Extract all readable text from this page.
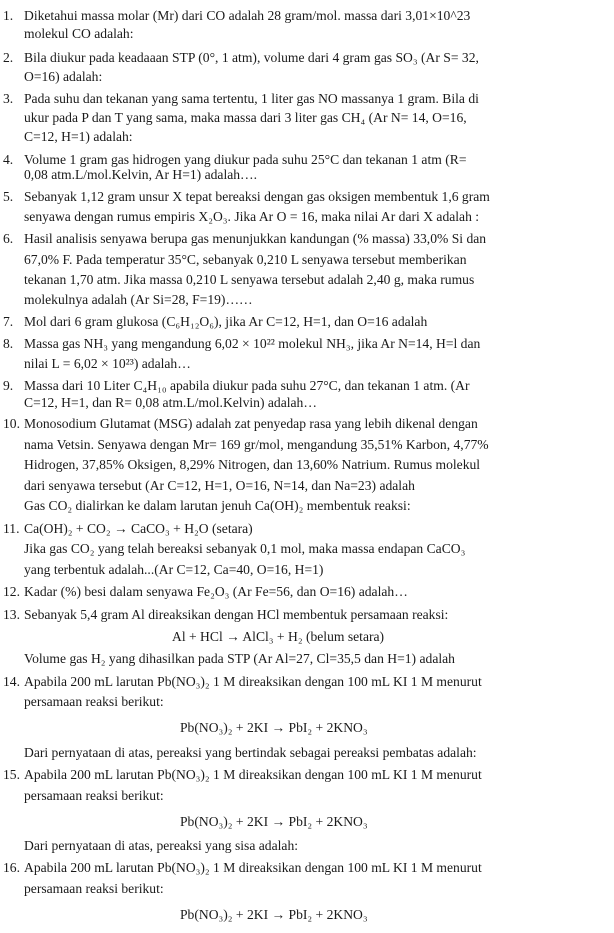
1. Diketahui massa molar (Mr) dari CO adalah 28 gram/mol. massa dari 3,01×10^23
molekul CO adalah:
2. Bila diukur pada keadaaan STP (0°, 1 atm), volume dari 4 gram gas SO₃ (Ar S= 32,
O=16) adalah:
3. Pada suhu dan tekanan yang sama tertentu, 1 liter gas NO massanya 1 gram. Bila di
ukur pada P dan T yang sama, maka massa dari 3 liter gas CH₄ (Ar N= 14, O=16,
C=12, H=1) adalah:
4. Volume 1 gram gas hidrogen yang diukur pada suhu 25°C dan tekanan 1 atm (R=
0,08 atm.L/mol.Kelvin, Ar H=1) adalah….
5. Sebanyak 1,12 gram unsur X tepat bereaksi dengan gas oksigen membentuk 1,6 gram
senyawa dengan rumus empiris X₂O₃. Jika Ar O = 16, maka nilai Ar dari X adalah :
6. Hasil analisis senyawa berupa gas menunjukkan kandungan (% massa) 33,0% Si dan
67,0% F. Pada temperatur 35°C, sebanyak 0,210 L senyawa tersebut memberikan
tekanan 1,70 atm. Jika massa 0,210 L senyawa tersebut adalah 2,40 g, maka rumus
molekulnya adalah (Ar Si=28, F=19)……
7. Mol dari 6 gram glukosa (C₆H₁₂O₆), jika Ar C=12, H=1, dan O=16 adalah
8. Massa gas NH₃ yang mengandung 6,02 × 10²² molekul NH₃, jika Ar N=14, H=l dan
nilai L = 6,02 × 10²³) adalah…
9. Massa dari 10 Liter C₄H₁₀ apabila diukur pada suhu 27°C, dan tekanan 1 atm. (Ar
C=12, H=1, dan R= 0,08 atm.L/mol.Kelvin) adalah…
10. Monosodium Glutamat (MSG) adalah zat penyedap rasa yang lebih dikenal dengan
nama Vetsin. Senyawa dengan Mr= 169 gr/mol, mengandung 35,51% Karbon, 4,77%
Hidrogen, 37,85% Oksigen, 8,29% Nitrogen, dan 13,60% Natrium. Rumus molekul
dari senyawa tersebut (Ar C=12, H=1, O=16, N=14, dan Na=23) adalah
Gas CO₂ dialirkan ke dalam larutan jenuh Ca(OH)₂ membentuk reaksi:
11. Ca(OH)₂ + CO₂ → CaCO₃ + H₂O (setara)
Jika gas CO₂ yang telah bereaksi sebanyak 0,1 mol, maka massa endapan CaCO₃
yang terbentuk adalah...(Ar C=12, Ca=40, O=16, H=1)
12. Kadar (%) besi dalam senyawa Fe₂O₃ (Ar Fe=56, dan O=16) adalah…
13. Sebanyak 5,4 gram Al direaksikan dengan HCl membentuk persamaan reaksi:
Al + HCl → AlCl₃ + H₂ (belum setara)
Volume gas H₂ yang dihasilkan pada STP (Ar Al=27, Cl=35,5 dan H=1) adalah
14. Apabila 200 mL larutan Pb(NO₃)₂ 1 M direaksikan dengan 100 mL KI 1 M menurut
persamaan reaksi berikut:
Pb(NO₃)₂ + 2KI → PbI₂ + 2KNO₃
Dari pernyataan di atas, pereaksi yang bertindak sebagai pereaksi pembatas adalah:
15. Apabila 200 mL larutan Pb(NO₃)₂ 1 M direaksikan dengan 100 mL KI 1 M menurut
persamaan reaksi berikut:
Pb(NO₃)₂ + 2KI → PbI₂ + 2KNO₃
Dari pernyataan di atas, pereaksi yang sisa adalah:
16. Apabila 200 mL larutan Pb(NO₃)₂ 1 M direaksikan dengan 100 mL KI 1 M menurut
persamaan reaksi berikut:
Pb(NO₃)₂ + 2KI → PbI₂ + 2KNO₃
